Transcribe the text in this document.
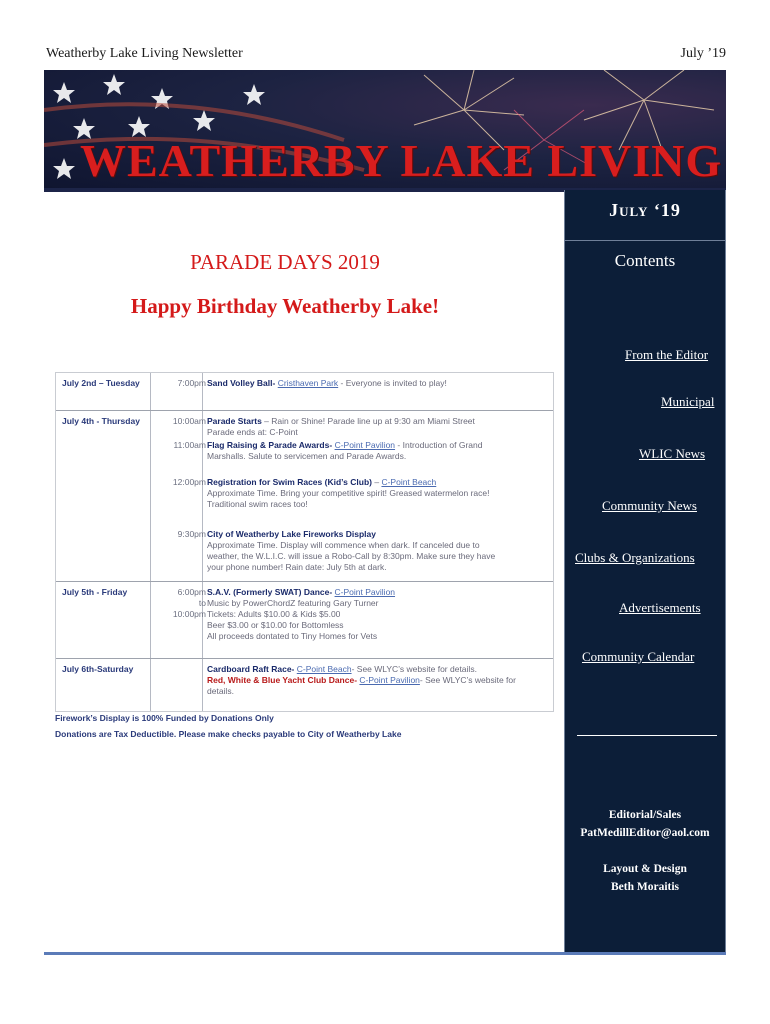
Weatherby Lake Living Newsletter	July ’19
WEATHERBY LAKE LIVING
July ‘19
Contents
From the Editor
Municipal
WLIC News
Community News
Clubs & Organizations
Advertisements
Community Calendar
Editorial/Sales
PatMedillEditor@aol.com
Layout & Design
Beth Moraitis
PARADE DAYS 2019
Happy Birthday Weatherby Lake!
July 2nd – Tuesday	7:00pm Sand Volley Ball- Cristhaven Park - Everyone is invited to play!
July 4th - Thursday	10:00am Parade Starts – Rain or Shine! Parade line up at 9:30 am Miami Street
Parade ends at: C-Point
11:00am Flag Raising & Parade Awards- C-Point Pavilion - Introduction of Grand
Marshalls. Salute to servicemen and Parade Awards.
12:00pm Registration for Swim Races (Kid’s Club) – C-Point Beach
Approximate Time. Bring your competitive spirit! Greased watermelon race!
Traditional swim races too!
9:30pm City of Weatherby Lake Fireworks Display
Approximate Time. Display will commence when dark. If canceled due to
weather, the W.L.I.C. will issue a Robo-Call by 8:30pm. Make sure they have
your phone number! Rain date: July 5th at dark.
July 5th - Friday	6:00pm
to
10:00pm
S.A.V. (Formerly SWAT) Dance- C-Point Pavilion
Music by PowerChordZ featuring Gary Turner
Tickets: Adults $10.00 & Kids $5.00
Beer $3.00 or $10.00 for Bottomless
All proceeds dontated to Tiny Homes for Vets
July 6th-Saturday	Cardboard Raft Race- C-Point Beach- See WLYC’s website for details.
Red, White & Blue Yacht Club Dance- C-Point Pavilion- See WLYC’s website for
details.
Firework’s Display is 100% Funded by Donations Only
Donations are Tax Deductible. Please make checks payable to City of Weatherby Lake
